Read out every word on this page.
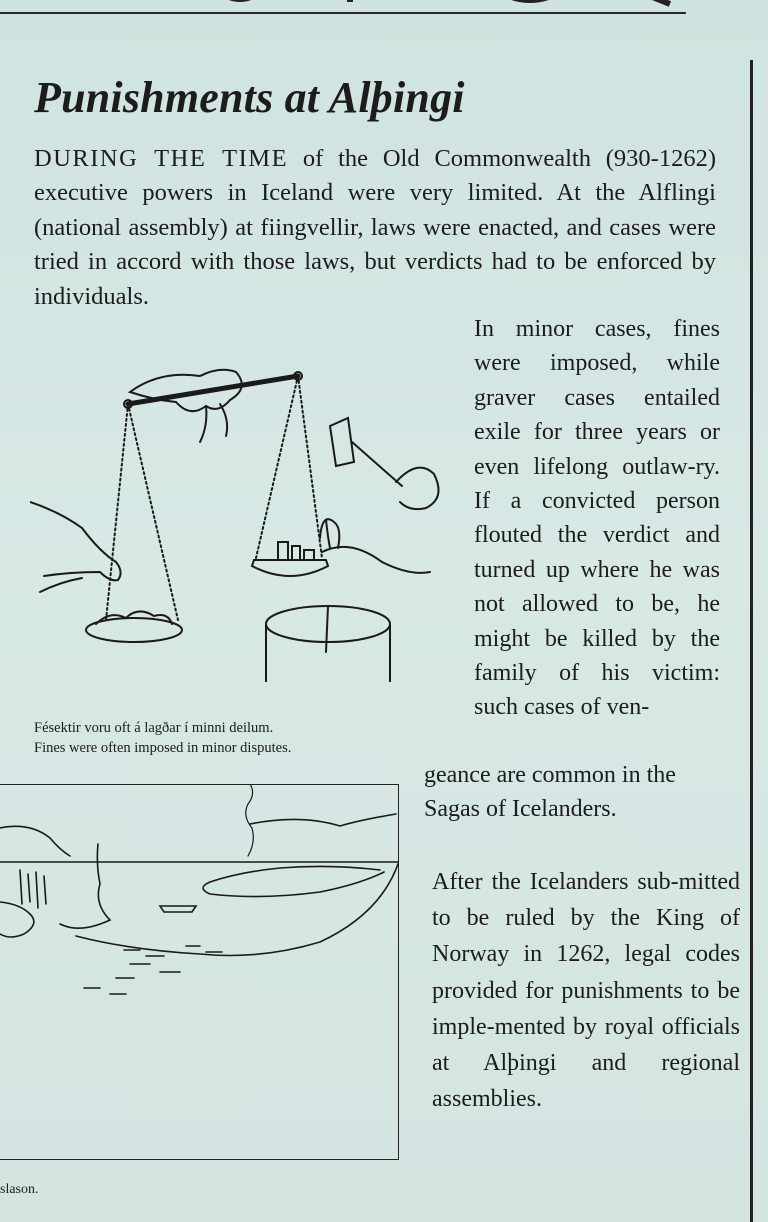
Punishments at Alþingi

DURING THE TIME of the Old Commonwealth (930-1262) executive powers in Iceland were very limited. At the Alflingi (national assembly) at fiingvellir, laws were enacted, and cases were tried in accord with those laws, but verdicts had to be enforced by individuals.

Fésektir voru oft á lagðar í minni deilum.
Fines were often imposed in minor disputes.

In minor cases, fines were imposed, while graver cases entailed exile for three years or even lifelong outlaw-ry. If a convicted person flouted the verdict and turned up where he was not allowed to be, he might be killed by the family of his victim: such cases of ven-

geance are common in the Sagas of Icelanders.

After the Icelanders sub-mitted to be ruled by the King of Norway in 1262, legal codes provided for punishments to be imple-mented by royal officials at Alþingi and regional assemblies.

slason.
